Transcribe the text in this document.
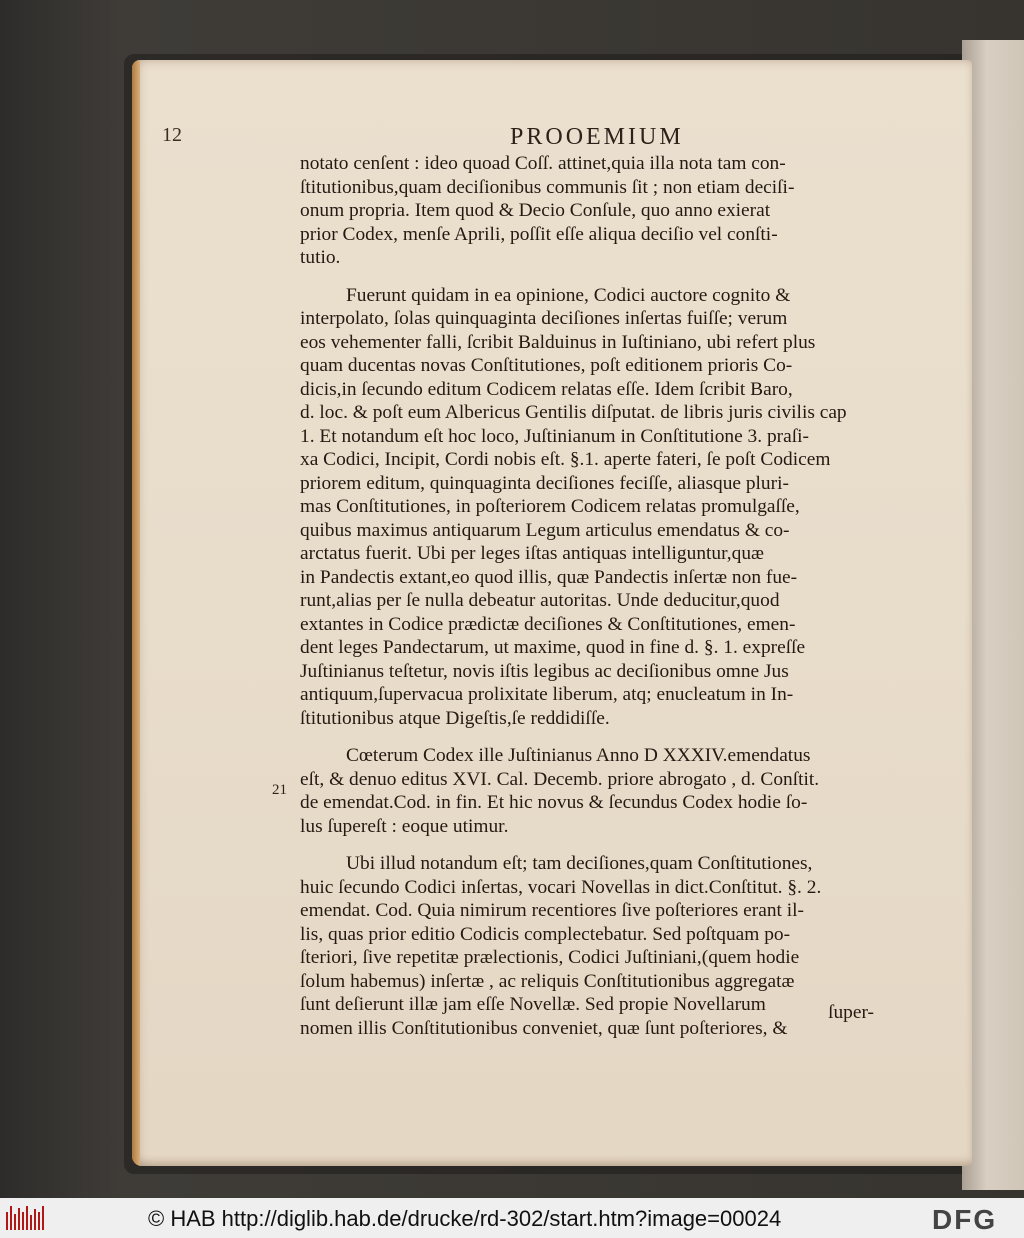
12	PROOEMIUM
notato cenſent : ideo quoad Coſſ. attinet,quia illa nota tam con-
ſtitutionibus,quam deciſionibus communis ſit ; non etiam deciſi-
onum propria. Item quod & Decio Conſule, quo anno exierat
prior Codex, menſe Aprili, poſſit eſſe aliqua deciſio vel conſti-
tutio.
Fuerunt quidam in ea opinione, Codici auctore cognito &
interpolato, ſolas quinquaginta deciſiones inſertas fuiſſe; verum
eos vehementer falli, ſcribit Balduinus in Iuſtiniano, ubi refert plus
quam ducentas novas Conſtitutiones, poſt editionem prioris Co-
dicis,in ſecundo editum Codicem relatas eſſe. Idem ſcribit Baro,
d. loc. & poſt eum Albericus Gentilis diſputat. de libris juris civilis cap
1. Et notandum eſt hoc loco, Juſtinianum in Conſtitutione 3. praſi-
xa Codici, Incipit, Cordi nobis eſt. §.1. aperte fateri, ſe poſt Codicem
priorem editum, quinquaginta deciſiones feciſſe, aliasque pluri-
mas Conſtitutiones, in poſteriorem Codicem relatas promulgaſſe,
quibus maximus antiquarum Legum articulus emendatus & co-
arctatus fuerit. Ubi per leges iſtas antiquas intelliguntur,quæ
in Pandectis extant,eo quod illis, quæ Pandectis inſertæ non fue-
runt,alias per ſe nulla debeatur autoritas. Unde deducitur,quod
extantes in Codice prædictæ deciſiones & Conſtitutiones, emen-
dent leges Pandectarum, ut maxime, quod in fine d. §. 1. expreſſe
Juſtinianus teſtetur, novis iſtis legibus ac deciſionibus omne Jus
antiquum,ſupervacua prolixitate liberum, atq; enucleatum in In-
ſtitutionibus atque Digeſtis,ſe reddidiſſe.
Cœterum Codex ille Juſtinianus Anno D XXXIV.emendatus
eſt, & denuo editus XVI. Cal. Decemb. priore abrogato , d. Conſtit.
de emendat.Cod. in fin. Et hic novus & ſecundus Codex hodie ſo-
lus ſupereſt : eoque utimur.
Ubi illud notandum eſt; tam deciſiones,quam Conſtitutiones,
huic ſecundo Codici inſertas, vocari Novellas in dict.Conſtitut. §. 2.
emendat. Cod. Quia nimirum recentiores ſive poſteriores erant il-
lis, quas prior editio Codicis complectebatur. Sed poſtquam po-
ſteriori, ſive repetitæ prælectionis, Codici Juſtiniani,(quem hodie
ſolum habemus) inſertæ , ac reliquis Conſtitutionibus aggregatæ
ſunt deſierunt illæ jam eſſe Novellæ. Sed propie Novellarum
nomen illis Conſtitutionibus conveniet, quæ ſunt poſteriores, &
21
ſuper-
© HAB http://diglib.hab.de/drucke/rd-302/start.htm?image=00024	DFG
